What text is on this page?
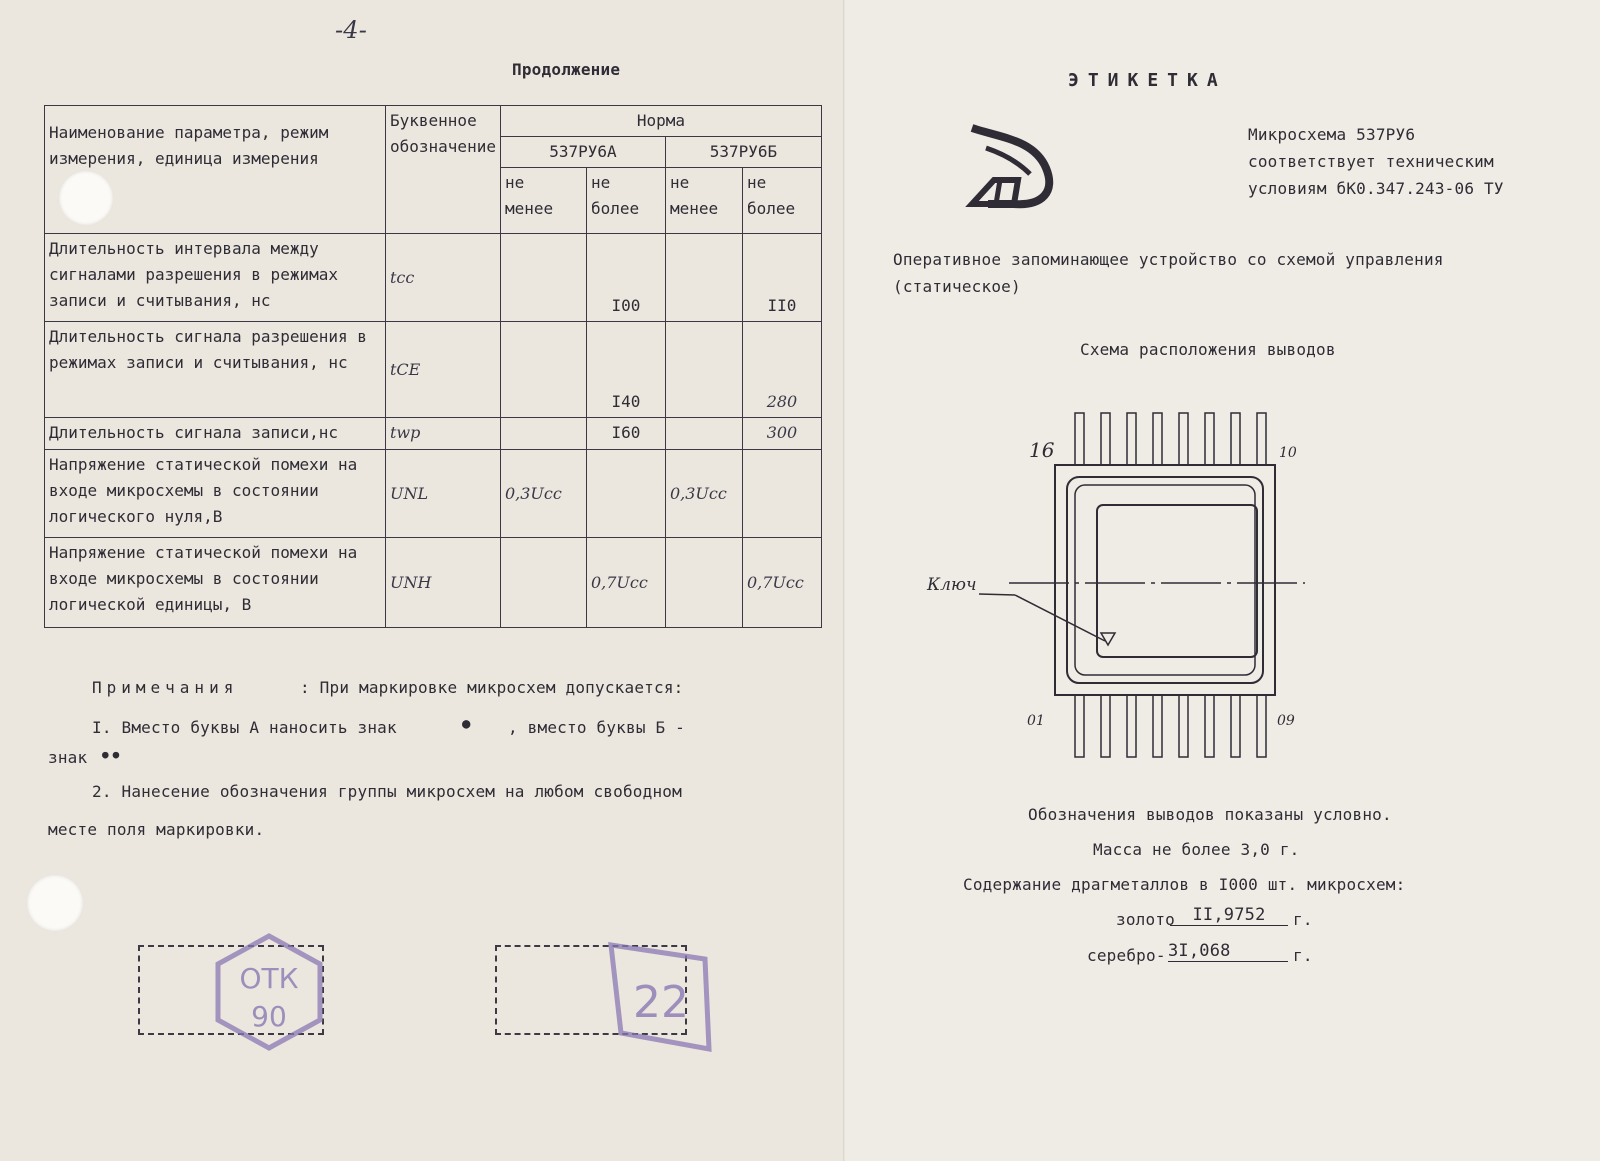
-4-
Продолжение
Наименование параметра, режим измерения, единица измерения	Буквенное обозначение	Норма			
		537РУ6А		537РУ6Б	
		не менее	не более	не менее	не более
Длительность интервала между сигналами разрешения в режимах записи и считывания, нс	tcc		I00		II0
Длительность сигнала разрешения в режимах записи и считывания, нс	tCE		I40		280
Длительность сигнала записи,нс	twp		I60		300
Напряжение статической помехи на входе микросхемы в состоянии логического нуля,В	UNL	0,3Ucc		0,3Ucc	
Напряжение статической помехи на входе микросхемы в состоянии логической единицы, В	UNH		0,7Ucc		0,7Ucc
Примечания	: При маркировке микросхем допускается:
I. Вместо буквы А наносить знак	● , вместо буквы Б -
знак ●●
2. Нанесение обозначения группы микросхем на любом свободном
месте поля маркировки.
ОТК
90	22
ЭТИКЕТКА
Микросхема 537РУ6
соответствует техническим
условиям бК0.347.243-06 ТУ
Оперативное запоминающее устройство со схемой управления
(статическое)
Схема расположения выводов
16	10
01	09
Ключ
Обозначения выводов показаны условно.
Масса не более 3,0 г.
Содержание драгметаллов в I000 шт. микросхем:
золото	II,9752	г.
серебро- 3I,068	г.
